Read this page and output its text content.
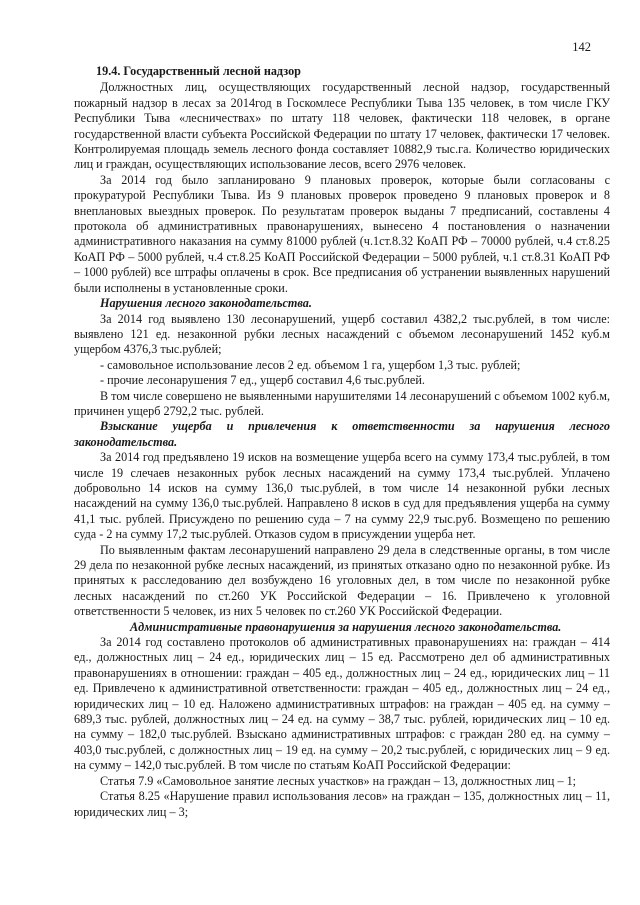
142

19.4. Государственный лесной надзор

Должностных лиц, осуществляющих государственный лесной надзор, государственный пожарный надзор в лесах за 2014год в Госкомлесе Республики Тыва 135 человек, в том числе ГКУ Республики Тыва «лесничествах» по штату 118 человек, фактически 118 человек, в органе государственной власти субъекта Российской Федерации по штату 17 человек, фактически 17 человек. Контролируемая площадь земель лесного фонда составляет 10882,9 тыс.га. Количество юридических лиц и граждан, осуществляющих использование лесов, всего 2976 человек.

За 2014 год было запланировано 9 плановых проверок, которые были согласованы с прокуратурой Республики Тыва. Из 9 плановых проверок проведено 9 плановых проверок и 8 внеплановых выездных проверок. По результатам проверок выданы 7 предписаний, составлены 4 протокола об административных правонарушениях, вынесено 4 постановления о назначении административного наказания на сумму 81000 рублей (ч.1ст.8.32 КоАП РФ – 70000 рублей, ч.4 ст.8.25 КоАП РФ – 5000 рублей, ч.4 ст.8.25 КоАП Российской Федерации – 5000 рублей, ч.1 ст.8.31 КоАП РФ – 1000 рублей) все штрафы оплачены в срок. Все предписания об устранении выявленных нарушений были исполнены в установленные сроки.

Нарушения лесного законодательства.

За 2014 год выявлено 130 лесонарушений, ущерб составил 4382,2 тыс.рублей, в том числе: выявлено 121 ед. незаконной рубки лесных насаждений с объемом лесонарушений 1452 куб.м ущербом 4376,3 тыс.рублей;

- самовольное использование лесов 2 ед. объемом 1 га, ущербом 1,3 тыс. рублей;

- прочие лесонарушения 7 ед., ущерб составил 4,6 тыс.рублей.

В том числе совершено не выявленными нарушителями 14 лесонарушений с объемом 1002 куб.м, причинен ущерб 2792,2 тыс. рублей.

Взыскание ущерба и привлечения к ответственности за нарушения лесного законодательства.

За 2014 год предъявлено 19 исков на возмещение ущерба всего на сумму 173,4 тыс.рублей, в том числе 19 слечаев незаконных рубок лесных насаждений на сумму 173,4 тыс.рублей. Уплачено добровольно 14 исков на сумму 136,0 тыс.рублей, в том числе 14 незаконной рубки лесных насаждений на сумму 136,0 тыс.рублей. Направлено 8 исков в суд для предъявления ущерба на сумму 41,1 тыс. рублей. Присуждено по решению суда – 7 на сумму 22,9 тыс.руб. Возмещено по решению суда - 2 на сумму 17,2 тыс.рублей. Отказов судом в присуждении ущерба нет.

По выявленным фактам лесонарушений направлено 29 дела в следственные органы, в том числе 29 дела по незаконной рубке лесных насаждений, из принятых отказано одно по незаконной рубке. Из принятых к расследованию дел возбуждено 16 уголовных дел, в том числе по незаконной рубке лесных насаждений по ст.260 УК Российской Федерации – 16. Привлечено к уголовной ответственности 5 человек, из них 5 человек по ст.260 УК Российской Федерации.

Административные правонарушения за нарушения лесного законодательства.

За 2014 год составлено протоколов об административных правонарушениях на: граждан – 414 ед., должностных лиц – 24 ед., юридических лиц – 15 ед. Рассмотрено дел об административных правонарушениях в отношении: граждан – 405 ед., должностных лиц – 24 ед., юридических лиц – 11 ед. Привлечено к административной ответственности: граждан – 405 ед., должностных лиц – 24 ед., юридических лиц – 10 ед. Наложено административных штрафов: на граждан – 405 ед. на сумму – 689,3 тыс. рублей, должностных лиц – 24 ед. на сумму – 38,7 тыс. рублей, юридических лиц – 10 ед. на сумму – 182,0 тыс.рублей. Взыскано административных штрафов: с граждан 280 ед. на сумму – 403,0 тыс.рублей, с должностных лиц – 19 ед. на сумму – 20,2 тыс.рублей, с юридических лиц – 9 ед. на сумму – 142,0 тыс.рублей. В том числе по статьям КоАП Российской Федерации:

Статья 7.9 «Самовольное занятие лесных участков» на граждан – 13, должностных лиц – 1;

Статья 8.25 «Нарушение правил использования лесов» на граждан – 135, должностных лиц – 11, юридических лиц – 3;
